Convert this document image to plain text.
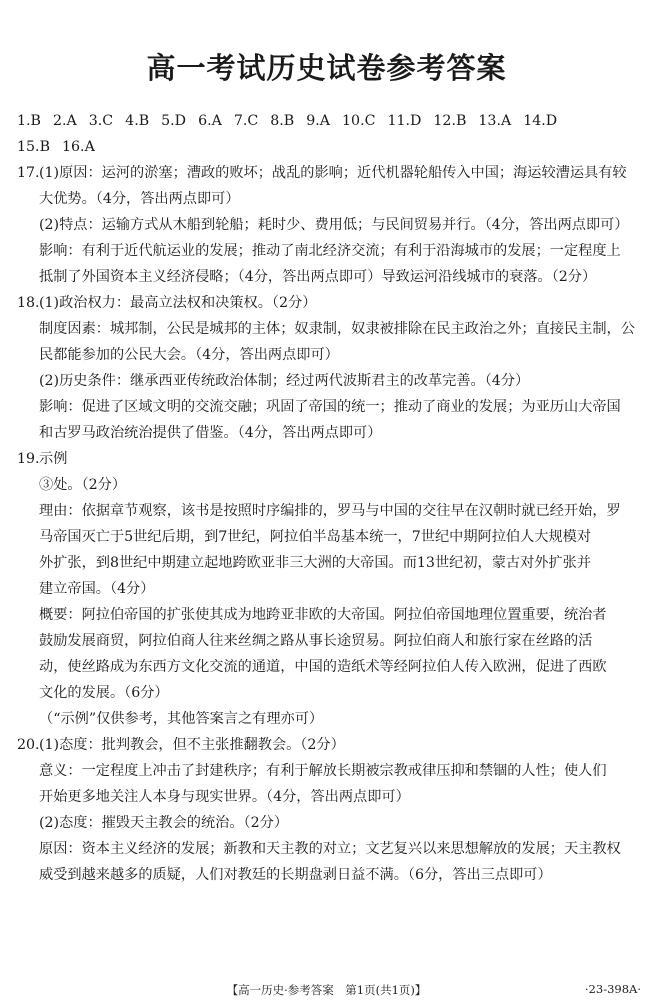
高一考试历史试卷参考答案
1.B 2.A 3.C 4.B 5.D 6.A 7.C 8.B 9.A 10.C 11.D 12.B 13.A 14.D
15.B 16.A
17. (1)原因：运河的淤塞；漕政的败坏；战乱的影响；近代机器轮船传入中国；海运较漕运具有较

大优势。（4分，答出两点即可）

(2)特点：运输方式从木船到轮船；耗时少、费用低；与民间贸易并行。（4分，答出两点即可）

影响：有利于近代航运业的发展；推动了南北经济交流；有利于沿海城市的发展；一定程度上

抵制了外国资本主义经济侵略；（4分，答出两点即可）导致运河沿线城市的衰落。（2分）

18. (1)政治权力：最高立法权和决策权。（2分）

制度因素：城邦制，公民是城邦的主体；奴隶制，奴隶被排除在民主政治之外；直接民主制，公

民都能参加的公民大会。（4分，答出两点即可）

(2)历史条件：继承西亚传统政治体制；经过两代波斯君主的改革完善。（4分）

影响：促进了区域文明的交流交融；巩固了帝国的统一；推动了商业的发展；为亚历山大帝国

和古罗马政治统治提供了借鉴。（4分，答出两点即可）

19. 示例

③处。（2分）

理由：依据章节观察，该书是按照时序编排的，罗马与中国的交往早在汉朝时就已经开始，罗

马帝国灭亡于5世纪后期，到7世纪，阿拉伯半岛基本统一，7世纪中期阿拉伯人大规模对

外扩张，到8世纪中期建立起地跨欧亚非三大洲的大帝国。而13世纪初，蒙古对外扩张并

建立帝国。（4分）

概要：阿拉伯帝国的扩张使其成为地跨亚非欧的大帝国。阿拉伯帝国地理位置重要，统治者

鼓励发展商贸，阿拉伯商人往来丝绸之路从事长途贸易。阿拉伯商人和旅行家在丝路的活

动，使丝路成为东西方文化交流的通道，中国的造纸术等经阿拉伯人传入欧洲，促进了西欧

文化的发展。（6分）

（“示例”仅供参考，其他答案言之有理亦可）

20. (1)态度：批判教会，但不主张推翻教会。（2分）

意义：一定程度上冲击了封建秩序；有利于解放长期被宗教戒律压抑和禁锢的人性；使人们

开始更多地关注人本身与现实世界。（4分，答出两点即可）

(2)态度：摧毁天主教会的统治。（2分）

原因：资本主义经济的发展；新教和天主教的对立；文艺复兴以来思想解放的发展；天主教权

威受到越来越多的质疑，人们对教廷的长期盘剥日益不满。（6分，答出三点即可）

【高一历史·参考答案　第1页(共1页)】	·23-398A·
